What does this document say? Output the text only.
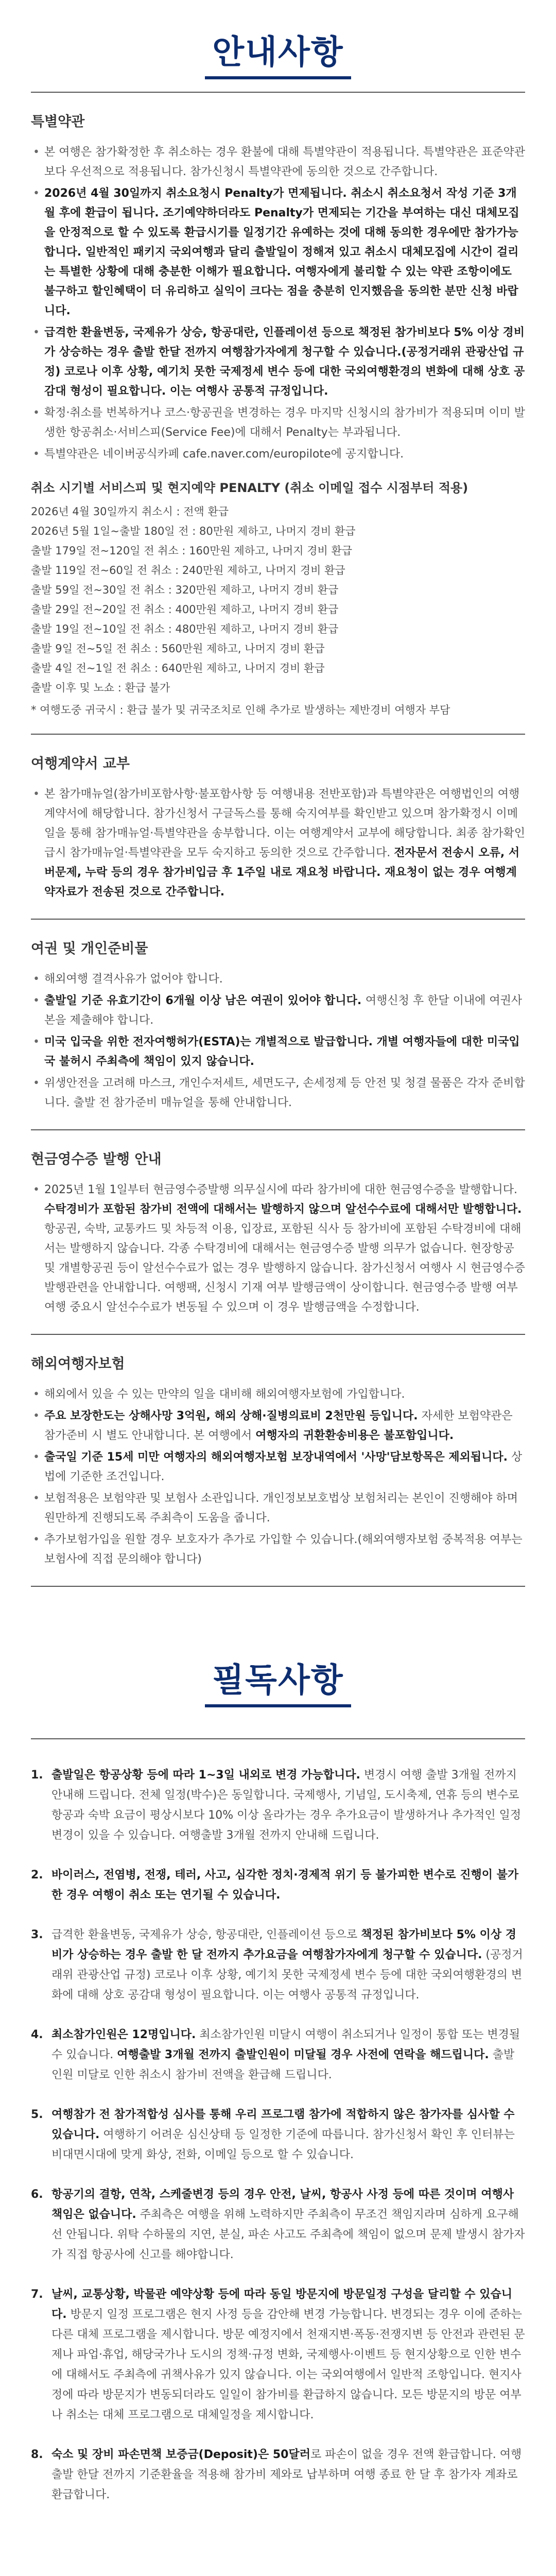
안내사항
특별약관
• 본 여행은 참가확정한 후 취소하는 경우 환불에 대해 특별약관이 적용됩니다. 특별약관은 표준약관보다 우선적으로 적용됩니다. 참가신청시 특별약관에 동의한 것으로 간주합니다.
• 2026년 4월 30일까지 취소요청시 Penalty가 면제됩니다. 취소시 취소요청서 작성 기준 3개월 후에 환급이 됩니다. 조기예약하더라도 Penalty가 면제되는 기간을 부여하는 대신 대체모집을 안정적으로 할 수 있도록 환급시기를 일정기간 유예하는 것에 대해 동의한 경우에만 참가가능합니다. 일반적인 패키지 국외여행과 달리 출발일이 정해져 있고 취소시 대체모집에 시간이 걸리는 특별한 상황에 대해 충분한 이해가 필요합니다. 여행자에게 불리할 수 있는 약관 조항이에도 불구하고 할인혜택이 더 유리하고 실익이 크다는 점을 충분히 인지했음을 동의한 분만 신청 바랍니다.
• 급격한 환율변동, 국제유가 상승, 항공대란, 인플레이션 등으로 책정된 참가비보다 5% 이상 경비가 상승하는 경우 출발 한달 전까지 여행참가자에게 청구할 수 있습니다.(공정거래위 관광산업 규정) 코로나 이후 상황, 예기치 못한 국제정세 변수 등에 대한 국외여행환경의 변화에 대해 상호 공감대 형성이 필요합니다. 이는 여행사 공통적 규정입니다.
• 확정·취소를 번복하거나 코스·항공권을 변경하는 경우 마지막 신청시의 참가비가 적용되며 이미 발생한 항공취소·서비스피(Service Fee)에 대해서 Penalty는 부과됩니다.
• 특별약관은 네이버공식카페 cafe.naver.com/europilote에 공지합니다.
취소 시기별 서비스피 및 현지예약 PENALTY (취소 이메일 접수 시점부터 적용)
2026년 4월 30일까지 취소시 : 전액 환급
2026년 5월 1일~출발 180일 전 : 80만원 제하고, 나머지 경비 환급
출발 179일 전~120일 전 취소 : 160만원 제하고, 나머지 경비 환급
출발 119일 전~60일 전 취소 : 240만원 제하고, 나머지 경비 환급
출발 59일 전~30일 전 취소 : 320만원 제하고, 나머지 경비 환급
출발 29일 전~20일 전 취소 : 400만원 제하고, 나머지 경비 환급
출발 19일 전~10일 전 취소 : 480만원 제하고, 나머지 경비 환급
출발 9일 전~5일 전 취소 : 560만원 제하고, 나머지 경비 환급
출발 4일 전~1일 전 취소 : 640만원 제하고, 나머지 경비 환급
출발 이후 및 노쇼 : 환급 불가
* 여행도중 귀국시 : 환급 불가 및 귀국조치로 인해 추가로 발생하는 제반경비 여행자 부담
여행계약서 교부
• 본 참가매뉴얼(참가비포함사항·불포함사항 등 여행내용 전반포함)과 특별약관은 여행법인의 여행계약서에 해당합니다. 참가신청서 구글독스를 통해 숙지여부를 확인받고 있으며 참가확정시 이메일을 통해 참가매뉴얼·특별약관을 송부합니다. 이는 여행계약서 교부에 해당합니다. 최종 참가확인급시 참가매뉴얼·특별약관을 모두 숙지하고 동의한 것으로 간주합니다. 전자문서 전송시 오류, 서버문제, 누락 등의 경우 참가비입금 후 1주일 내로 재요청 바랍니다. 재요청이 없는 경우 여행계약자료가 전송된 것으로 간주합니다.
여권 및 개인준비물
• 해외여행 결격사유가 없어야 합니다.
• 출발일 기준 유효기간이 6개월 이상 남은 여권이 있어야 합니다. 여행신청 후 한달 이내에 여권사본을 제출해야 합니다.
• 미국 입국을 위한 전자여행허가(ESTA)는 개별적으로 발급합니다. 개별 여행자들에 대한 미국입국 불허시 주최측에 책임이 있지 않습니다.
• 위생안전을 고려해 마스크, 개인수저세트, 세면도구, 손세정제 등 안전 및 청결 물품은 각자 준비합니다. 출발 전 참가준비 매뉴얼을 통해 안내합니다.
현금영수증 발행 안내
• 2025년 1월 1일부터 현금영수증발행 의무실시에 따라 참가비에 대한 현금영수증을 발행합니다. 수탁경비가 포함된 참가비 전액에 대해서는 발행하지 않으며 알선수수료에 대해서만 발행합니다. 항공권, 숙박, 교통카드 및 차등적 이용, 입장료, 포함된 식사 등 참가비에 포함된 수탁경비에 대해서는 발행하지 않습니다. 각종 수탁경비에 대해서는 현금영수증 발행 의무가 없습니다. 현장항공 및 개별항공권 등이 알선수수료가 없는 경우 발행하지 않습니다. 참가신청서 여행사 시 현금영수증 발행관련을 안내합니다. 여행팩, 신청시 기재 여부 발행금액이 상이합니다. 현금영수증 발행 여부 여행 중요시 알선수수료가 변동될 수 있으며 이 경우 발행금액을 수정합니다.
해외여행자보험
• 해외에서 있을 수 있는 만약의 일을 대비해 해외여행자보험에 가입합니다.
• 주요 보장한도는 상해사망 3억원, 해외 상해·질병의료비 2천만원 등입니다. 자세한 보험약관은 참가준비 시 별도 안내합니다. 본 여행에서 여행자의 귀환환송비용은 불포함입니다.
• 출국일 기준 15세 미만 여행자의 해외여행자보험 보장내역에서 '사망'담보항목은 제외됩니다. 상법에 기준한 조건입니다.
• 보험적용은 보험약관 및 보험사 소관입니다. 개인정보보호법상 보험처리는 본인이 진행해야 하며 원만하게 진행되도록 주최측이 도움을 줍니다.
• 추가보험가입을 원할 경우 보호자가 추가로 가입할 수 있습니다.(해외여행자보험 중복적용 여부는 보험사에 직접 문의해야 합니다)
필독사항
1. 출발일은 항공상황 등에 따라 1~3일 내외로 변경 가능합니다. 변경시 여행 출발 3개월 전까지 안내해 드립니다. 전체 일정(박수)은 동일합니다. 국제행사, 기념일, 도시축제, 연휴 등의 변수로 항공과 숙박 요금이 평상시보다 10% 이상 올라가는 경우 추가요금이 발생하거나 추가적인 일정변경이 있을 수 있습니다. 여행출발 3개월 전까지 안내해 드립니다.
2. 바이러스, 전염병, 전쟁, 테러, 사고, 심각한 정치·경제적 위기 등 불가피한 변수로 진행이 불가한 경우 여행이 취소 또는 연기될 수 있습니다.
3. 급격한 환율변동, 국제유가 상승, 항공대란, 인플레이션 등으로 책정된 참가비보다 5% 이상 경비가 상승하는 경우 출발 한 달 전까지 추가요금을 여행참가자에게 청구할 수 있습니다. (공정거래위 관광산업 규정) 코로나 이후 상황, 예기치 못한 국제정세 변수 등에 대한 국외여행환경의 변화에 대해 상호 공감대 형성이 필요합니다. 이는 여행사 공통적 규정입니다.
4. 최소참가인원은 12명입니다. 최소참가인원 미달시 여행이 취소되거나 일정이 통합 또는 변경될 수 있습니다. 여행출발 3개월 전까지 출발인원이 미달될 경우 사전에 연락을 해드립니다. 출발인원 미달로 인한 취소시 참가비 전액을 환급해 드립니다.
5. 여행참가 전 참가적합성 심사를 통해 우리 프로그램 참가에 적합하지 않은 참가자를 심사할 수 있습니다. 여행하기 어려운 심신상태 등 일정한 기준에 따릅니다. 참가신청서 확인 후 인터뷰는 비대면시대에 맞게 화상, 전화, 이메일 등으로 할 수 있습니다.
6. 항공기의 결항, 연착, 스케줄변경 등의 경우 안전, 날씨, 항공사 사정 등에 따른 것이며 여행사 책임은 없습니다. 주최측은 여행을 위해 노력하지만 주최측이 무조건 책임지라며 심하게 요구해선 안됩니다. 위탁 수하물의 지연, 분실, 파손 사고도 주최측에 책임이 없으며 문제 발생시 참가자가 직접 항공사에 신고를 해야합니다.
7. 날씨, 교통상황, 박물관 예약상황 등에 따라 동일 방문지에 방문일정 구성을 달리할 수 있습니다. 방문지 일정 프로그램은 현지 사정 등을 감안해 변경 가능합니다. 변경되는 경우 이에 준하는 다른 대체 프로그램을 제시합니다. 방문 예정지에서 천재지변·폭동·전쟁지변 등 안전과 관련된 문제나 파업·휴업, 해당국가나 도시의 정책·규정 변화, 국제행사·이벤트 등 현지상황으로 인한 변수에 대해서도 주최측에 귀책사유가 있지 않습니다. 이는 국외여행에서 일반적 조항입니다. 현지사정에 따라 방문지가 변동되더라도 일일이 참가비를 환급하지 않습니다. 모든 방문지의 방문 여부 나 취소는 대체 프로그램으로 대체일정을 제시합니다.
8. 숙소 및 장비 파손면책 보증금(Deposit)은 50달러로 파손이 없을 경우 전액 환급합니다. 여행 출발 한달 전까지 기준환율을 적용해 참가비 제와로 납부하며 여행 종료 한 달 후 참가자 계좌로 환급합니다.
